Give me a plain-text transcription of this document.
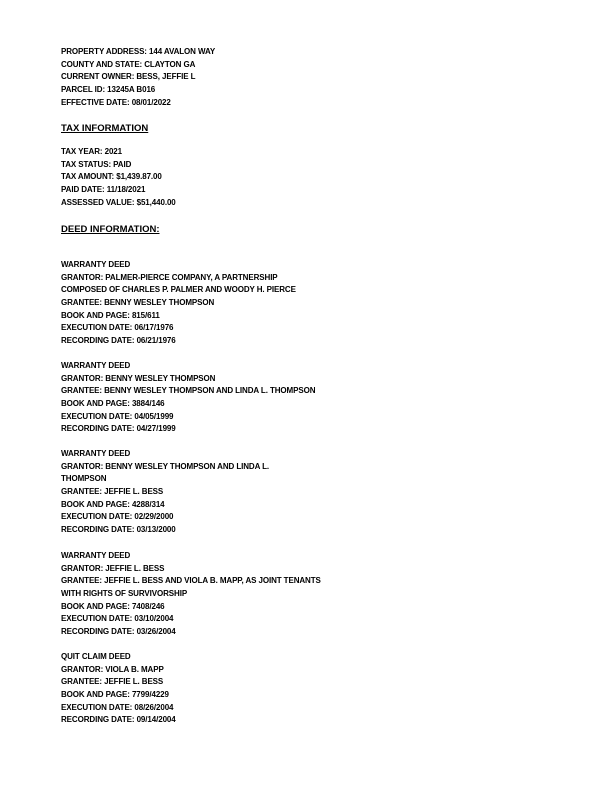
PROPERTY ADDRESS: 144 AVALON WAY
COUNTY AND STATE: CLAYTON GA
CURRENT OWNER: BESS, JEFFIE L
PARCEL ID: 13245A B016
EFFECTIVE DATE: 08/01/2022
TAX INFORMATION
TAX YEAR: 2021
TAX STATUS: PAID
TAX AMOUNT: $1,439.87.00
PAID DATE: 11/18/2021
ASSESSED VALUE: $51,440.00
DEED INFORMATION:
WARRANTY DEED
GRANTOR: PALMER-PIERCE COMPANY, A PARTNERSHIP
COMPOSED OF CHARLES P. PALMER AND WOODY H. PIERCE
GRANTEE: BENNY WESLEY THOMPSON
BOOK AND PAGE: 815/611
EXECUTION DATE: 06/17/1976
RECORDING DATE: 06/21/1976
WARRANTY DEED
GRANTOR: BENNY WESLEY THOMPSON
GRANTEE: BENNY WESLEY THOMPSON AND LINDA L. THOMPSON
BOOK AND PAGE: 3884/146
EXECUTION DATE: 04/05/1999
RECORDING DATE: 04/27/1999
WARRANTY DEED
GRANTOR: BENNY WESLEY THOMPSON AND LINDA L.
THOMPSON
GRANTEE: JEFFIE L. BESS
BOOK AND PAGE: 4288/314
EXECUTION DATE: 02/29/2000
RECORDING DATE: 03/13/2000
WARRANTY DEED
GRANTOR: JEFFIE L. BESS
GRANTEE: JEFFIE L. BESS AND VIOLA B. MAPP, AS JOINT TENANTS
WITH RIGHTS OF SURVIVORSHIP
BOOK AND PAGE: 7408/246
EXECUTION DATE: 03/10/2004
RECORDING DATE: 03/26/2004
QUIT CLAIM DEED
GRANTOR: VIOLA B. MAPP
GRANTEE: JEFFIE L. BESS
BOOK AND PAGE: 7799/4229
EXECUTION DATE: 08/26/2004
RECORDING DATE: 09/14/2004
